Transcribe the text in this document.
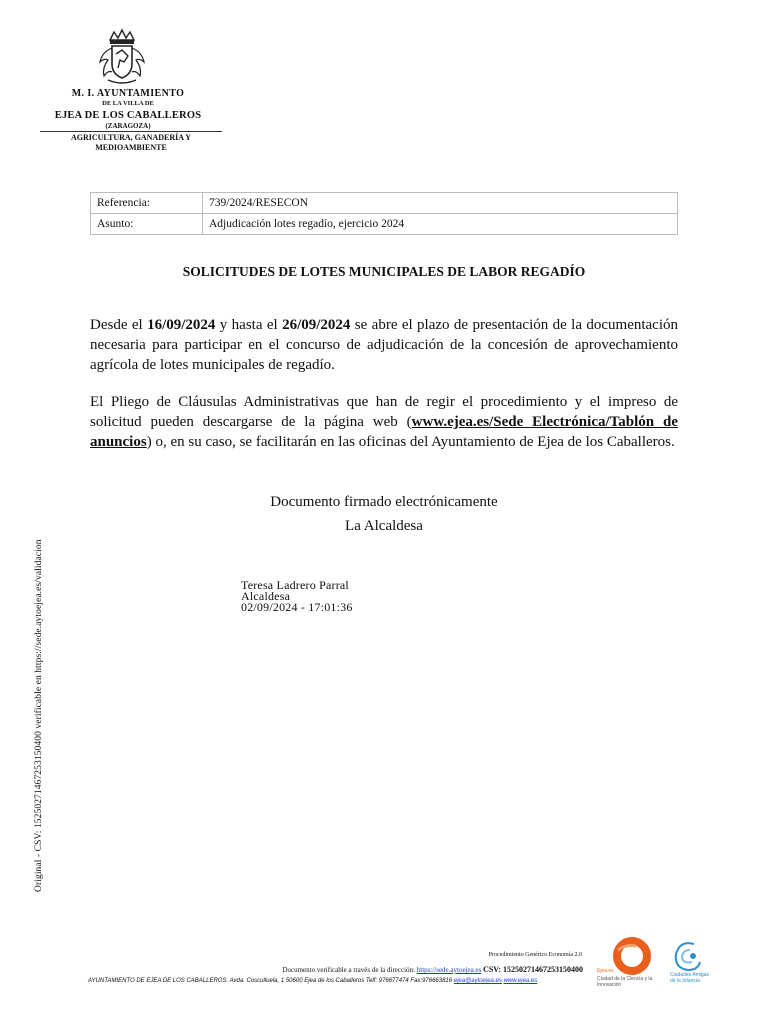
M. I. AYUNTAMIENTO
DE LA VILLA DE
EJEA DE LOS CABALLEROS
(ZARAGOZA)
AGRICULTURA, GANADERÍA Y
MEDIOAMBIENTE
Referencia:	739/2024/RESECON
Asunto:	Adjudicación lotes regadío, ejercicio 2024
SOLICITUDES DE LOTES MUNICIPALES DE LABOR REGADÍO
Desde el 16/09/2024 y hasta el 26/09/2024 se abre el plazo de presentación de la documentación necesaria para participar en el concurso de adjudicación de la concesión de aprovechamiento agrícola de lotes municipales de regadío.
El Pliego de Cláusulas Administrativas que han de regir el procedimiento y el impreso de solicitud pueden descargarse de la página web (www.ejea.es/Sede Electrónica/Tablón de anuncios) o, en su caso, se facilitarán en las oficinas del Ayuntamiento de Ejea de los Caballeros.
Documento firmado electrónicamente
La Alcaldesa
Teresa Ladrero Parral
Alcaldesa
02/09/2024 - 17:01:36
Original - CSV: 15250271467253150400 verificable en https://sede.aytoejea.es/validacion
Procedimiento Genérico Economía 2.0
Documento verificable a través de la dirección: https://sede.aytoejea.es CSV: 15250271467253150400
AYUNTAMIENTO DE EJEA DE LOS CABALLEROS. Avda. Cosculluela, 1 50600 Ejea de los Caballeros Telf: 976677474 Fax:976663816 ejea@aytoejea.es www.ejea.es
Ejea.es
Ciudad de la Ciencia y la Innovación
Ciudades Amigas de la Infancia
